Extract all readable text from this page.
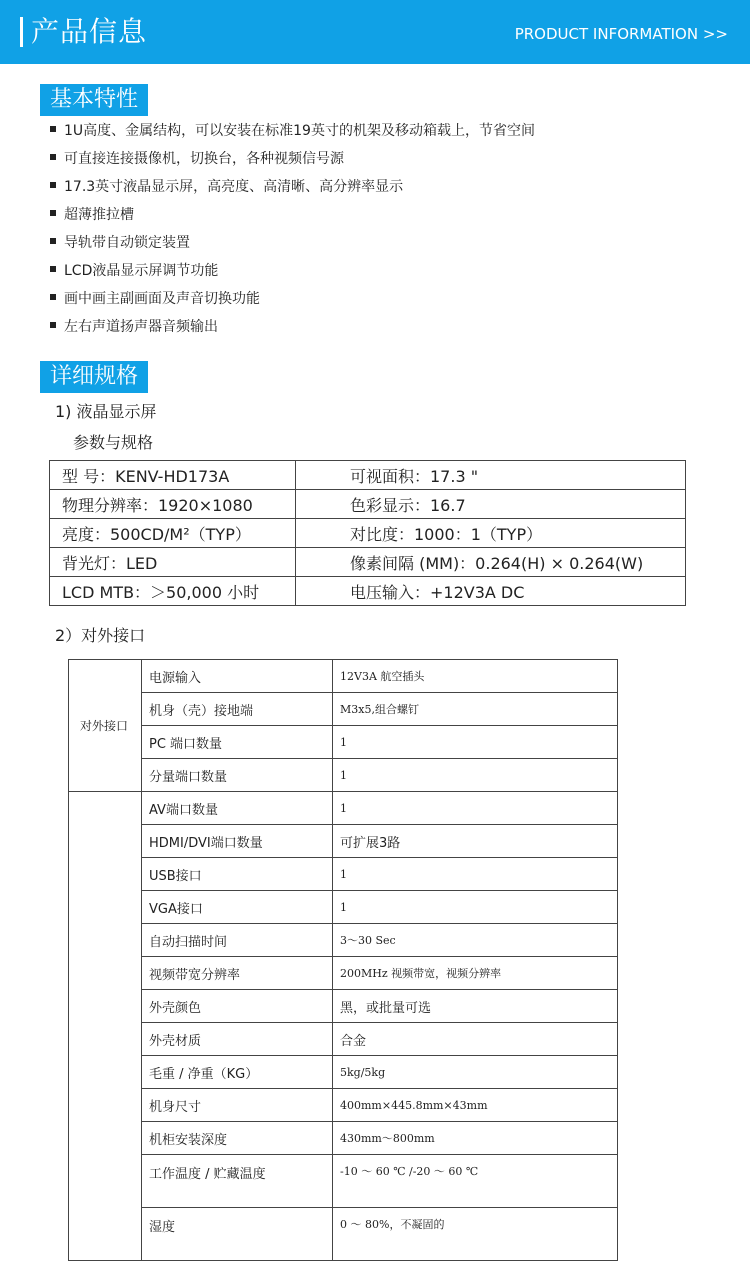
产品信息	PRODUCT INFORMATION >>
基本特性
1U高度、金属结构，可以安装在标准19英寸的机架及移动箱载上，节省空间
可直接连接摄像机，切换台，各种视频信号源
17.3英寸液晶显示屏，高亮度、高清晰、高分辨率显示
超薄推拉槽
导轨带自动锁定装置
LCD液晶显示屏调节功能
画中画主副画面及声音切换功能
左右声道扬声器音频输出
详细规格
1) 液晶显示屏
参数与规格
型 号：KENV-HD173A	可视面积：17.3 "
物理分辨率：1920×1080	色彩显示：16.7
亮度：500CD/M²（TYP）	对比度：1000：1（TYP）
背光灯：LED	像素间隔 (MM)：0.264(H) × 0.264(W)
LCD MTB：＞50,000 小时	电压输入：+12V3A DC
2）对外接口
对外接口	电源输入	12V3A 航空插头
	机身（壳）接地端	M3x5,组合螺钉
	PC 端口数量	1
	分量端口数量	1
	AV端口数量	1
	HDMI/DVI端口数量	可扩展3路
	USB接口	1
	VGA接口	1
	自动扫描时间	3～30 Sec
	视频带宽分辨率	200MHz 视频带宽，视频分辨率
	外壳颜色	黑，或批量可选
	外壳材质	合金
	毛重 / 净重（KG）	5kg/5kg
	机身尺寸	400mm×445.8mm×43mm
	机柜安装深度	430mm～800mm
	工作温度 / 贮藏温度	-10 ～ 60 ℃ /-20 ～ 60 ℃
	湿度	0 ～ 80%，不凝固的
